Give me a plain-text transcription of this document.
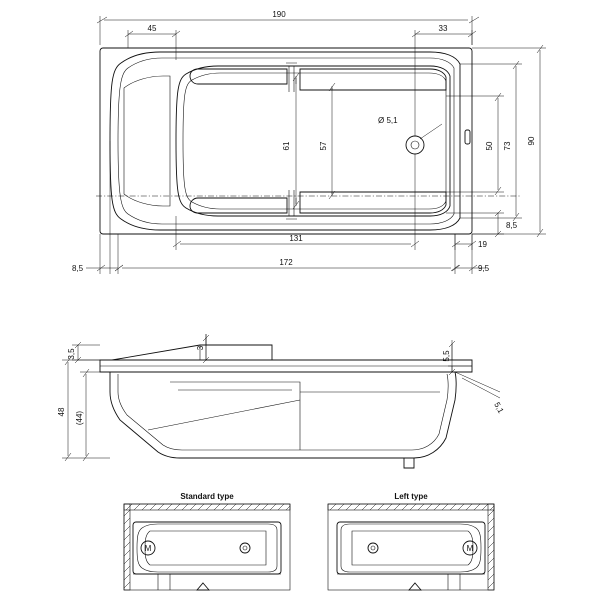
Ø 5,1
190
45	33
61	57	50 73
90
8,5
131
19
172
8,5	9,5
5,1
3,5
3
5,5
48 (44)
Standard type
M
Left type
M
